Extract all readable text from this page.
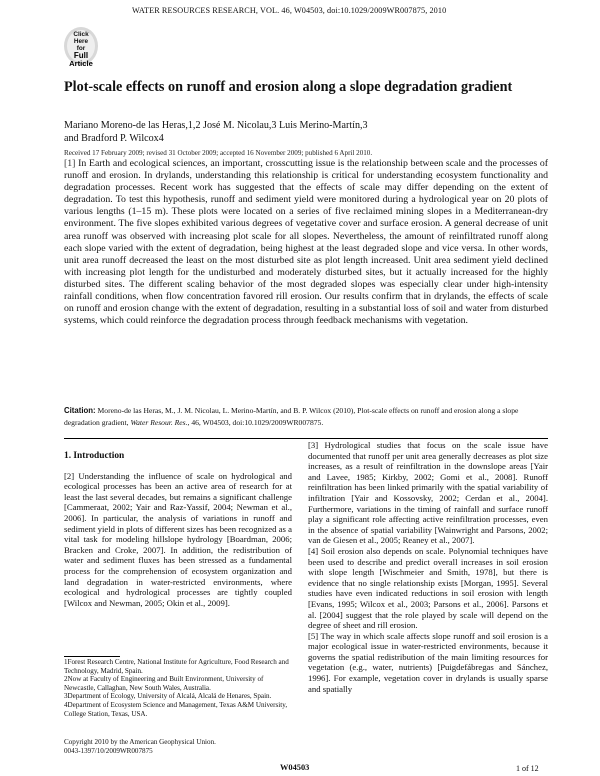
WATER RESOURCES RESEARCH, VOL. 46, W04503, doi:10.1029/2009WR007875, 2010
Click
Here
for
Full
Article
Plot-scale effects on runoff and erosion along a slope degradation gradient
Mariano Moreno-de las Heras,1,2 José M. Nicolau,3 Luis Merino-Martín,3
and Bradford P. Wilcox4
Received 17 February 2009; revised 31 October 2009; accepted 16 November 2009; published 6 April 2010.
[1] In Earth and ecological sciences, an important, crosscutting issue is the relationship between scale and the processes of runoff and erosion. In drylands, understanding this relationship is critical for understanding ecosystem functionality and degradation processes. Recent work has suggested that the effects of scale may differ depending on the extent of degradation. To test this hypothesis, runoff and sediment yield were monitored during a hydrological year on 20 plots of various lengths (1–15 m). These plots were located on a series of five reclaimed mining slopes in a Mediterranean-dry environment. The five slopes exhibited various degrees of vegetative cover and surface erosion. A general decrease of unit area runoff was observed with increasing plot scale for all slopes. Nevertheless, the amount of reinfiltrated runoff along each slope varied with the extent of degradation, being highest at the least degraded slope and vice versa. In other words, unit area runoff decreased the least on the most disturbed site as plot length increased. Unit area sediment yield declined with increasing plot length for the undisturbed and moderately disturbed sites, but it actually increased for the highly disturbed sites. The different scaling behavior of the most degraded slopes was especially clear under high-intensity rainfall conditions, when flow concentration favored rill erosion. Our results confirm that in drylands, the effects of scale on runoff and erosion change with the extent of degradation, resulting in a substantial loss of soil and water from disturbed systems, which could reinforce the degradation process through feedback mechanisms with vegetation.
Citation: Moreno-de las Heras, M., J. M. Nicolau, L. Merino-Martín, and B. P. Wilcox (2010), Plot-scale effects on runoff and erosion along a slope degradation gradient, Water Resour. Res., 46, W04503, doi:10.1029/2009WR007875.
1. Introduction

[2] Understanding the influence of scale on hydrological and ecological processes has been an active area of research for at least the last several decades, but remains a significant challenge [Cammeraat, 2002; Yair and Raz-Yassif, 2004; Newman et al., 2006]. In particular, the analysis of variations in runoff and sediment yield in plots of different sizes has been recognized as a vital task for modeling hillslope hydrology [Boardman, 2006; Bracken and Croke, 2007]. In addition, the redistribution of water and sediment fluxes has been stressed as a fundamental process for the comprehension of ecosystem organization and land degradation in water-restricted environments, where ecological and hydrological processes are tightly coupled [Wilcox and Newman, 2005; Okin et al., 2009].

[3] Hydrological studies that focus on the scale issue have documented that runoff per unit area generally decreases as plot size increases, as a result of reinfiltration in the downslope areas [Yair and Lavee, 1985; Kirkby, 2002; Gomi et al., 2008]. Runoff reinfiltration has been linked primarily with the spatial variability of infiltration [Yair and Kossovsky, 2002; Cerdan et al., 2004]. Furthermore, variations in the timing of rainfall and surface runoff play a significant role affecting active reinfiltration processes, even in the absence of spatial variability [Wainwright and Parsons, 2002; van de Giesen et al., 2005; Reaney et al., 2007].

[4] Soil erosion also depends on scale. Polynomial techniques have been used to describe and predict overall increases in soil erosion with slope length [Wischmeier and Smith, 1978], but there is evidence that no single relationship exists [Morgan, 1995]. Several studies have even indicated reductions in soil erosion with length [Evans, 1995; Wilcox et al., 2003; Parsons et al., 2006]. Parsons et al. [2004] suggest that the role played by scale will depend on the degree of sheet and rill erosion.

[5] The way in which scale affects slope runoff and soil erosion is a major ecological issue in water-restricted environments, because it governs the spatial redistribution of the main limiting resources for vegetation (e.g., water, nutrients) [Puigdefábregas and Sánchez, 1996]. For example, vegetation cover in drylands is usually sparse and spatially

1Forest Research Centre, National Institute for Agriculture, Food Research and Technology, Madrid, Spain.

2Now at Faculty of Engineering and Built Environment, University of Newcastle, Callaghan, New South Wales, Australia.

3Department of Ecology, University of Alcalá, Alcalá de Henares, Spain.

4Department of Ecosystem Science and Management, Texas A&M University, College Station, Texas, USA.

Copyright 2010 by the American Geophysical Union.
0043-1397/10/2009WR007875
W04503	1 of 12
